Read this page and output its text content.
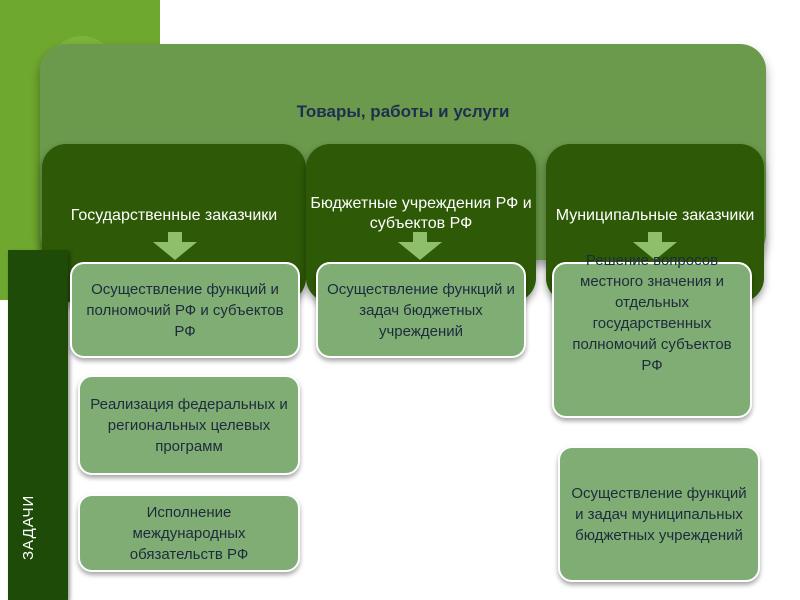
Товары, работы и услуги
Государственные заказчики
Бюджетные учреждения РФ и субъектов РФ	Муниципальные заказчики
ЗАДАЧИ
Осуществление функций и полномочий РФ и субъектов РФ
Реализация федеральных и региональных целевых программ
Исполнение международных обязательств РФ
Осуществление функций и задач бюджетных учреждений
Решение вопросов местного значения и отдельных государственных полномочий субъектов РФ
Осуществление функций и задач муниципальных бюджетных учреждений
